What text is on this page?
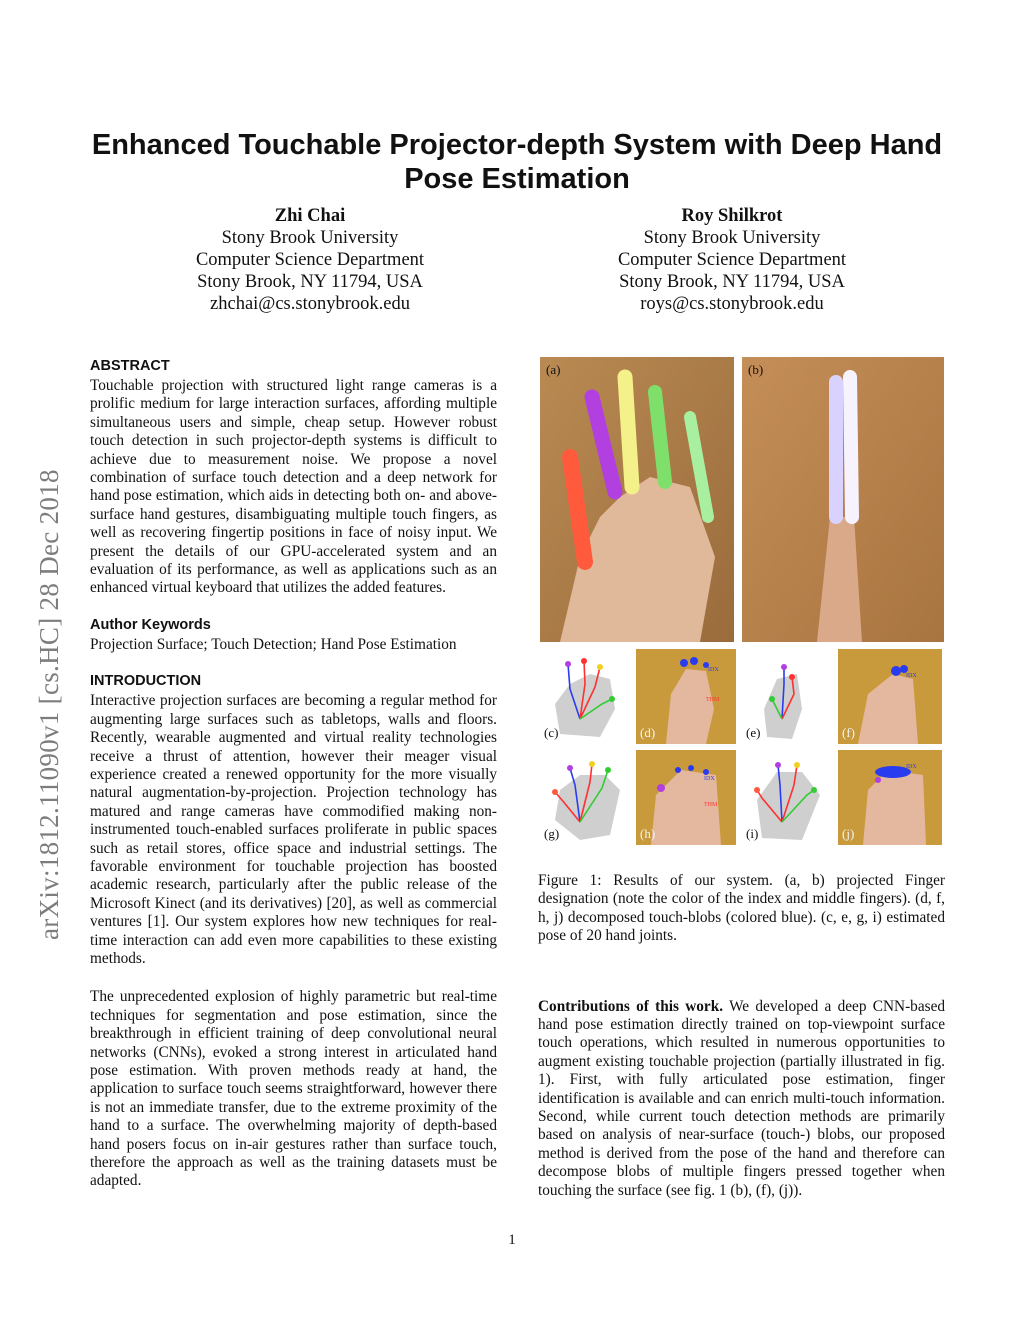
Enhanced Touchable Projector-depth System with Deep Hand Pose Estimation
Zhi Chai
Stony Brook University
Computer Science Department
Stony Brook, NY 11794, USA
zhchai@cs.stonybrook.edu
Roy Shilkrot
Stony Brook University
Computer Science Department
Stony Brook, NY 11794, USA
roys@cs.stonybrook.edu
arXiv:1812.11090v1 [cs.HC] 28 Dec 2018
ABSTRACT

Touchable projection with structured light range cameras is a prolific medium for large interaction surfaces, affording multiple simultaneous users and simple, cheap setup. However robust touch detection in such projector-depth systems is difficult to achieve due to measurement noise. We propose a novel combination of surface touch detection and a deep network for hand pose estimation, which aids in detecting both on- and above-surface hand gestures, disambiguating multiple touch fingers, as well as recovering fingertip positions in face of noisy input. We present the details of our GPU-accelerated system and an evaluation of its performance, as well as applications such as an enhanced virtual keyboard that utilizes the added features.

Author Keywords

Projection Surface; Touch Detection; Hand Pose Estimation

INTRODUCTION

Interactive projection surfaces are becoming a regular method for augmenting large surfaces such as tabletops, walls and floors. Recently, wearable augmented and virtual reality technologies receive a thrust of attention, however their meager visual experience created a renewed opportunity for the more visually natural augmentation-by-projection. Projection technology has matured and range cameras have commodified making non-instrumented touch-enabled surfaces proliferate in public spaces such as retail stores, office space and industrial settings. The favorable environment for touchable projection has boosted academic research, particularly after the public release of the Microsoft Kinect (and its derivatives) [20], as well as commercial ventures [1]. Our system explores how new techniques for real-time interaction can add even more capabilities to these existing methods.

The unprecedented explosion of highly parametric but real-time techniques for segmentation and pose estimation, since the breakthrough in efficient training of deep convolutional neural networks (CNNs), evoked a strong interest in articulated hand pose estimation. With proven methods ready at hand, the application to surface touch seems straightforward, however there is not an immediate transfer, due to the extreme proximity of the hand to a surface. The overwhelming majority of depth-based hand posers focus on in-air gestures rather than surface touch, therefore the approach as well as the training datasets must be adapted.

(a)	(b)
(c)
IDX
THM
(d)	(e)
IDX
(f)
(g)
IDX
THM
(h)	(i)
IDX
(j)

Figure 1: Results of our system. (a, b) projected Finger designation (note the color of the index and middle fingers). (d, f, h, j) decomposed touch-blobs (colored blue). (c, e, g, i) estimated pose of 20 hand joints.

Contributions of this work. We developed a deep CNN-based hand pose estimation directly trained on top-viewpoint surface touch operations, which resulted in numerous opportunities to augment existing touchable projection (partially illustrated in fig. 1). First, with fully articulated pose estimation, finger identification is available and can enrich multi-touch information. Second, while current touch detection methods are primarily based on analysis of near-surface (touch-) blobs, our proposed method is derived from the pose of the hand and therefore can decompose blobs of multiple fingers pressed together when touching the surface (see fig. 1 (b), (f), (j)).

1
